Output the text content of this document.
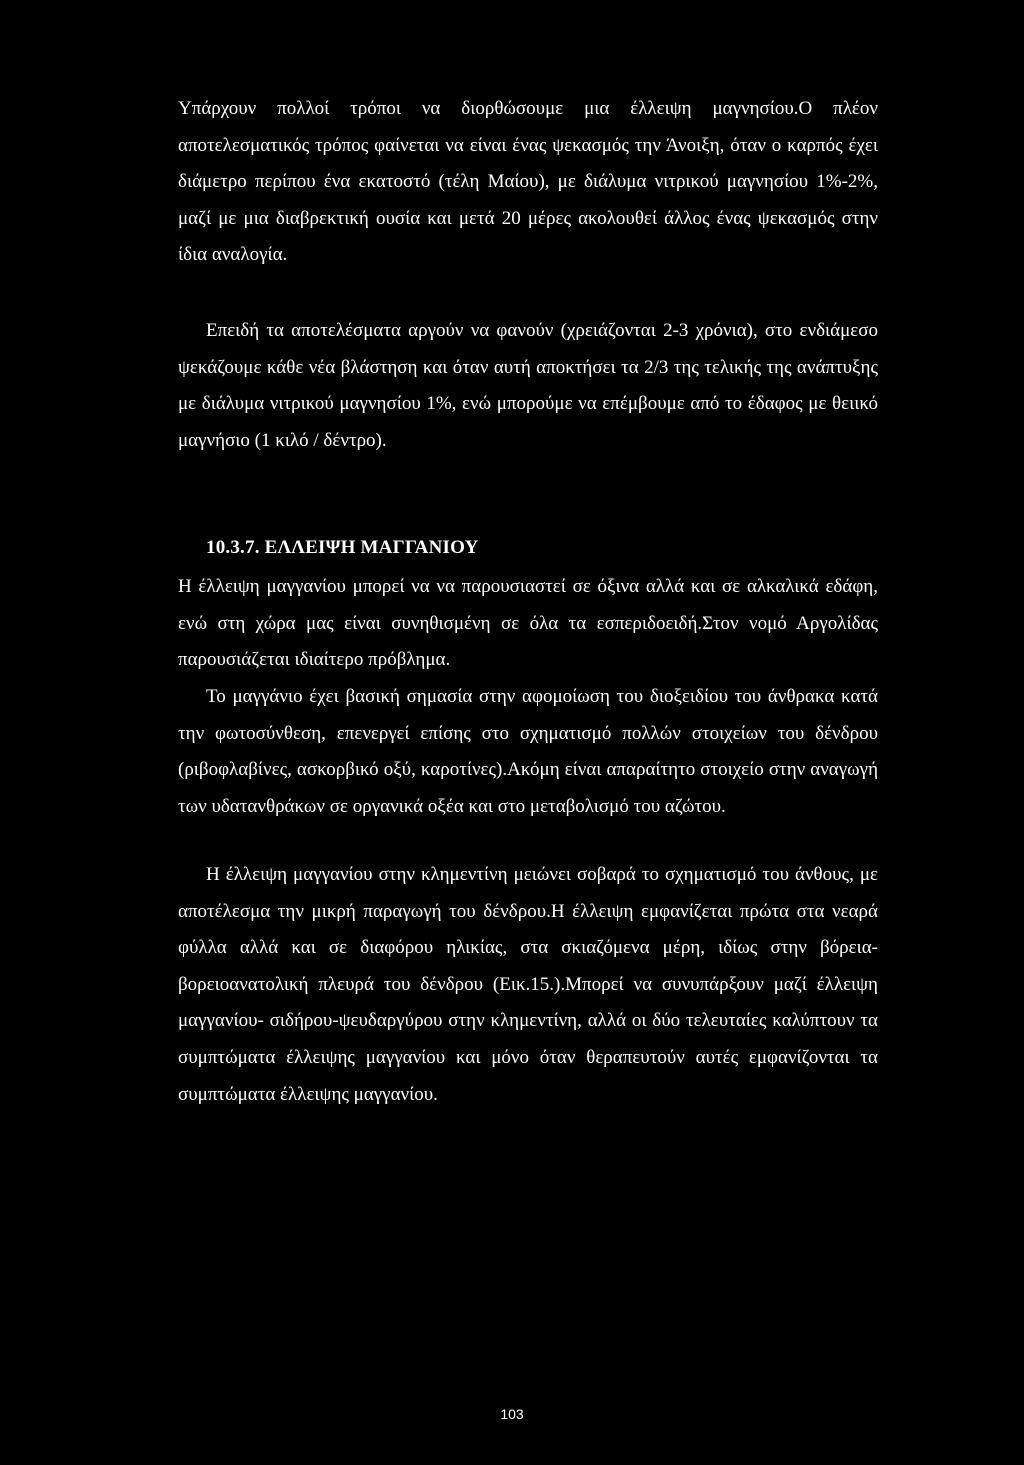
Υπάρχουν πολλοί τρόποι να διορθώσουμε μια έλλειψη μαγνησίου.Ο πλέον αποτελεσματικός τρόπος φαίνεται να είναι ένας ψεκασμός την Άνοιξη, όταν ο καρπός έχει διάμετρο περίπου ένα εκατοστό (τέλη Μαίου), με διάλυμα νιτρικού μαγνησίου 1%-2%, μαζί με μια διαβρεκτική ουσία και μετά 20 μέρες ακολουθεί άλλος ένας ψεκασμός στην ίδια αναλογία.

Επειδή τα αποτελέσματα αργούν να φανούν (χρειάζονται 2-3 χρόνια), στο ενδιάμεσο ψεκάζουμε κάθε νέα βλάστηση και όταν αυτή αποκτήσει τα 2/3 της τελικής της ανάπτυξης με διάλυμα νιτρικού μαγνησίου 1%, ενώ μπορούμε να επέμβουμε από το έδαφος με θειικό μαγνήσιο (1 κιλό / δέντρο).

10.3.7. ΕΛΛΕΙΨΗ ΜΑΓΓΑΝΙΟΥ

Η έλλειψη μαγγανίου μπορεί να να παρουσιαστεί σε όξινα αλλά και σε αλκαλικά εδάφη, ενώ στη χώρα μας είναι συνηθισμένη σε όλα τα εσπεριδοειδή.Στον νομό Αργολίδας παρουσιάζεται ιδιαίτερο πρόβλημα.

Το μαγγάνιο έχει βασική σημασία στην αφομοίωση του διοξειδίου του άνθρακα κατά την φωτοσύνθεση, επενεργεί επίσης στο σχηματισμό πολλών στοιχείων του δένδρου (ριβοφλαβίνες, ασκορβικό οξύ, καροτίνες).Ακόμη είναι απαραίτητο στοιχείο στην αναγωγή των υδατανθράκων σε οργανικά οξέα και στο μεταβολισμό του αζώτου.

Η έλλειψη μαγγανίου στην κλημεντίνη μειώνει σοβαρά το σχηματισμό του άνθους, με αποτέλεσμα την μικρή παραγωγή του δένδρου.Η έλλειψη εμφανίζεται πρώτα στα νεαρά φύλλα αλλά και σε διαφόρου ηλικίας, στα σκιαζόμενα μέρη, ιδίως στην βόρεια-βορειοανατολική πλευρά του δένδρου (Εικ.15.).Μπορεί να συνυπάρξουν μαζί έλλειψη μαγγανίου- σιδήρου-ψευδαργύρου στην κλημεντίνη, αλλά οι δύο τελευταίες καλύπτουν τα συμπτώματα έλλειψης μαγγανίου και μόνο όταν θεραπευτούν αυτές εμφανίζονται τα συμπτώματα έλλειψης μαγγανίου.

103
